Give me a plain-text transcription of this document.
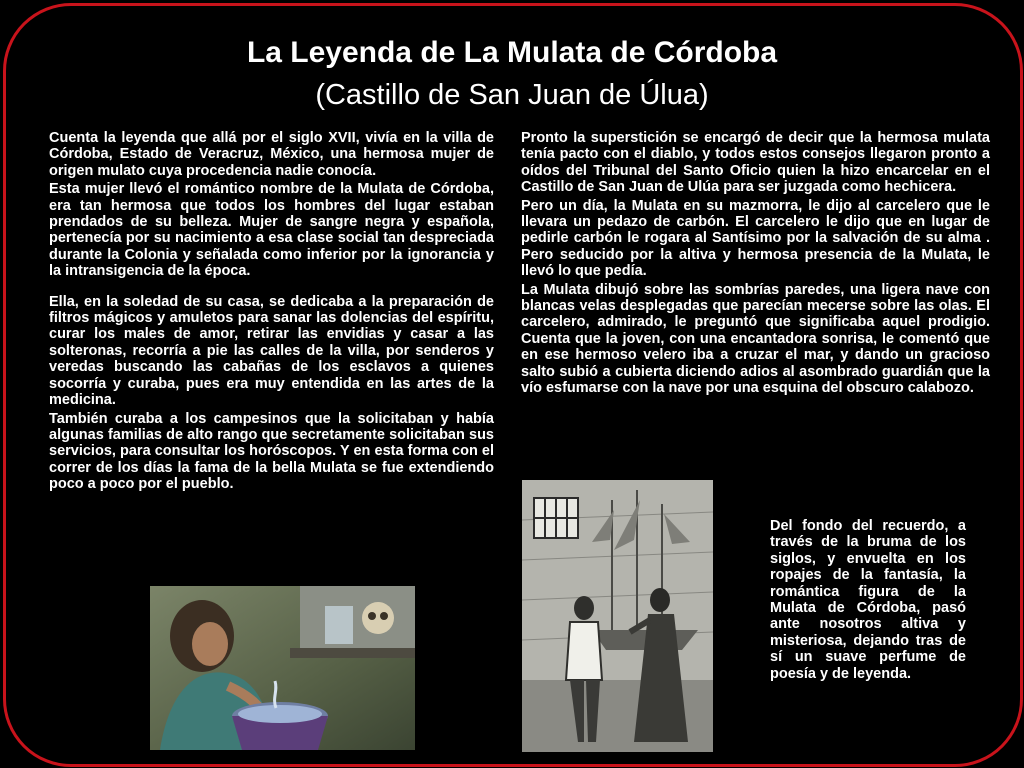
La Leyenda de La Mulata de Córdoba
(Castillo de San Juan de Úlua)

Cuenta la leyenda que allá por el siglo XVII, vivía en la villa de Córdoba, Estado de Veracruz, México, una hermosa mujer de origen mulato cuya procedencia nadie conocía.

Esta mujer llevó el romántico nombre de la Mulata de Córdoba, era tan hermosa que todos los hombres del lugar estaban prendados de su belleza. Mujer de sangre negra y española, pertenecía por su nacimiento a esa clase social tan despreciada durante la Colonia y señalada como inferior por la ignorancia y la intransigencia de la época.

Ella, en la soledad de su casa, se dedicaba a la preparación de filtros mágicos y amuletos para sanar las dolencias del espíritu, curar los males de amor, retirar las envidias y casar a las solteronas, recorría a pie las calles de la villa, por senderos y veredas buscando las cabañas de los esclavos a quienes socorría y curaba, pues era muy entendida en las artes de la medicina.

También curaba a los campesinos que la solicitaban y había algunas familias de alto rango que secretamente solicitaban sus servicios, para consultar los horóscopos. Y en esta forma con el correr de los días la fama de la bella Mulata se fue extendiendo poco a poco por el pueblo.

Pronto la superstición se encargó de decir que la hermosa mulata tenía pacto con el diablo, y todos estos consejos llegaron pronto a oídos del Tribunal del Santo Oficio quien la hizo encarcelar en el Castillo de San Juan de Ulúa para ser juzgada como hechicera.

Pero un día, la Mulata en su mazmorra, le dijo al carcelero que le llevara un pedazo de carbón. El carcelero le dijo que en lugar de pedirle carbón le rogara al Santísimo por la salvación de su alma . Pero seducido por la altiva y hermosa presencia de la Mulata, le llevó lo que pedía.

La Mulata dibujó sobre las sombrías paredes, una ligera nave con blancas velas desplegadas que parecían mecerse sobre las olas. El carcelero, admirado, le preguntó que significaba aquel prodigio. Cuenta que la joven, con una encantadora sonrisa, le comentó que en ese hermoso velero iba a cruzar el mar, y dando un gracioso salto subió a cubierta diciendo adios al asombrado guardián que la vío esfumarse con la nave por una esquina del obscuro calabozo.

Del fondo del recuerdo, a través de la bruma de los siglos, y envuelta en los ropajes de la fantasía, la romántica figura de la Mulata de Córdoba, pasó ante nosotros altiva y misteriosa, dejando tras de sí un suave perfume de poesía y de leyenda.
